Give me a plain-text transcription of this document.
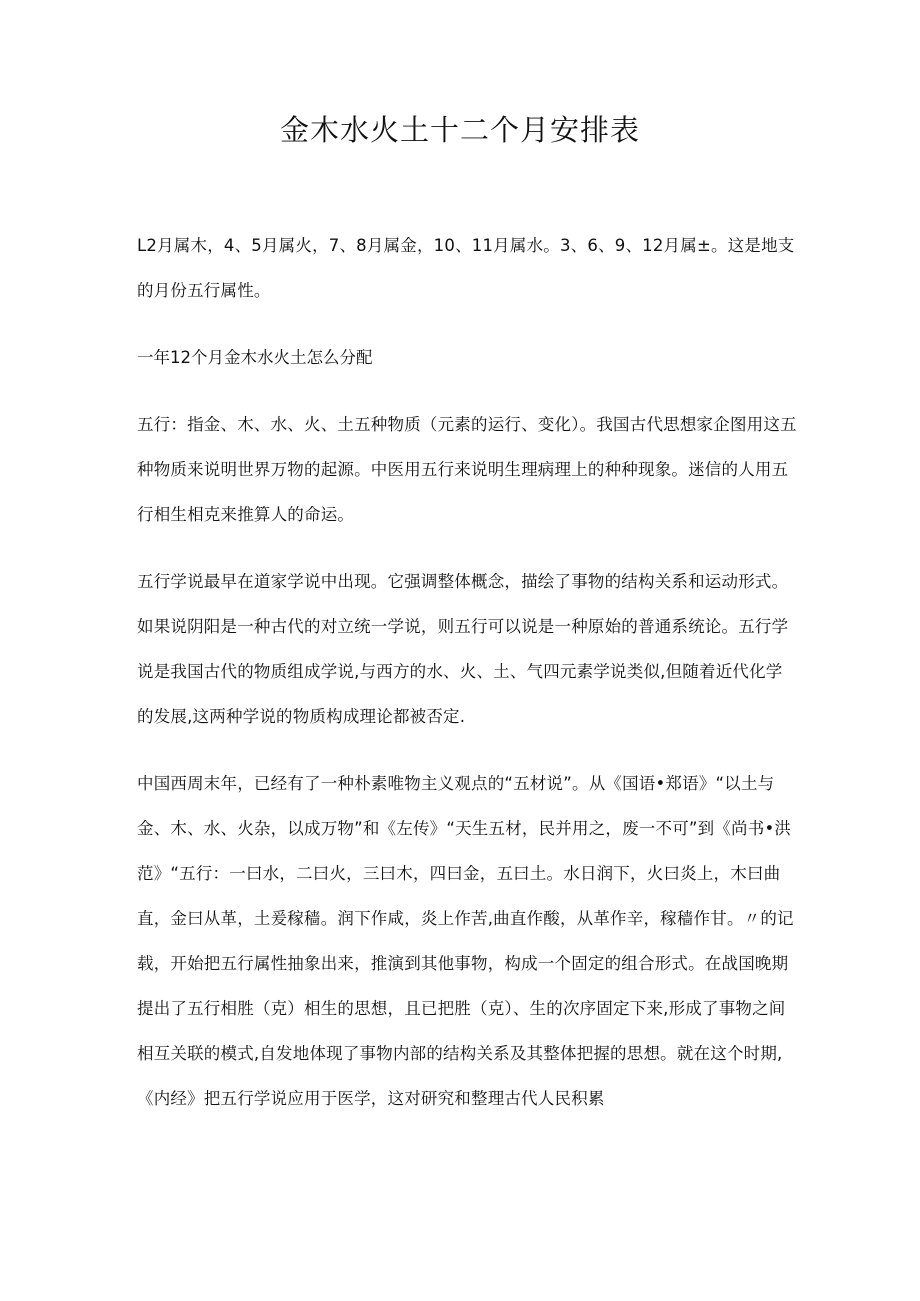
金木水火土十二个月安排表

L2月属木，4、5月属火，7、8月属金，10、11月属水。3、6、9、12月属±。这是地支的月份五行属性。

一年12个月金木水火土怎么分配

五行：指金、木、水、火、土五种物质（元素的运行、变化）。我国古代思想家企图用这五种物质来说明世界万物的起源。中医用五行来说明生理病理上的种种现象。迷信的人用五行相生相克来推算人的命运。

五行学说最早在道家学说中出现。它强调整体概念，描绘了事物的结构关系和运动形式。如果说阴阳是一种古代的对立统一学说，则五行可以说是一种原始的普通系统论。五行学说是我国古代的物质组成学说,与西方的水、火、土、气四元素学说类似,但随着近代化学的发展,这两种学说的物质构成理论都被否定.

中国西周末年，已经有了一种朴素唯物主义观点的“五材说”。从《国语•郑语》“以土与金、木、水、火杂，以成万物”和《左传》“天生五材，民并用之，废一不可”到《尚书•洪范》“五行：一曰水，二曰火，三曰木，四曰金，五曰土。水日润下，火曰炎上，木曰曲直，金曰从革，土爰稼穑。润下作咸，炎上作苦,曲直作酸，从革作辛，稼穑作甘。〃的记载，开始把五行属性抽象出来，推演到其他事物，构成一个固定的组合形式。在战国晚期提出了五行相胜（克）相生的思想，且已把胜（克）、生的次序固定下来,形成了事物之间相互关联的模式,自发地体现了事物内部的结构关系及其整体把握的思想。就在这个时期,《内经》把五行学说应用于医学，这对研究和整理古代人民积累
